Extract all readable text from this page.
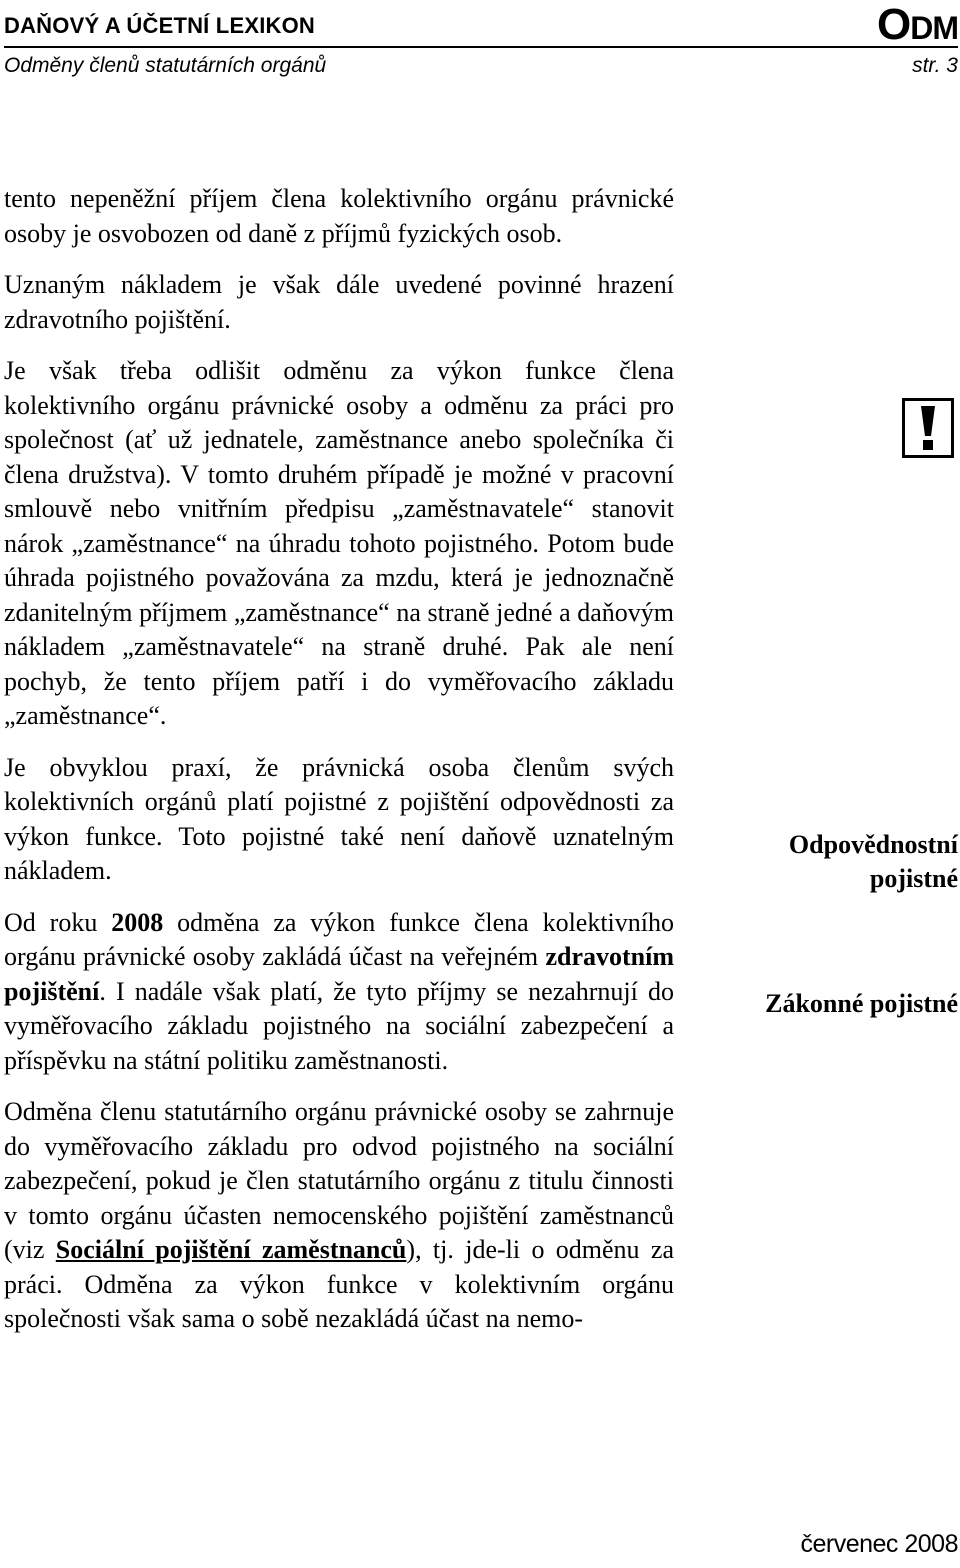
DAŇOVÝ A ÚČETNÍ LEXIKON	ODM
Odměny členů statutárních orgánů	str. 3

tento nepeněžní příjem člena kolektivního orgánu právnické osoby je osvobozen od daně z příjmů fyzických osob.

Uznaným nákladem je však dále uvedené povinné hrazení zdravotního pojištění.

Je však třeba odlišit odměnu za výkon funkce člena kolektivního orgánu právnické osoby a odměnu za práci pro společnost (ať už jednatele, zaměstnance anebo společníka či člena družstva). V tomto druhém případě je možné v pracovní smlouvě nebo vnitřním předpisu „zaměstnavatele“ stanovit nárok „zaměstnance“ na úhradu tohoto pojistného. Potom bude úhrada pojistného považována za mzdu, která je jednoznačně zdanitelným příjmem „zaměstnance“ na straně jedné a daňovým nákladem „zaměstnavatele“ na straně druhé. Pak ale není pochyb, že tento příjem patří i do vyměřovacího základu „zaměstnance“.

Je obvyklou praxí, že právnická osoba členům svých kolektivních orgánů platí pojistné z pojištění odpovědnosti za výkon funkce. Toto pojistné také není daňově uznatelným nákladem.

Od roku 2008 odměna za výkon funkce člena kolektivního orgánu právnické osoby zakládá účast na veřejném zdravotním pojištění. I nadále však platí, že tyto příjmy se nezahrnují do vyměřovacího základu pojistného na sociální zabezpečení a příspěvku na státní politiku zaměstnanosti.

Odměna členu statutárního orgánu právnické osoby se zahrnuje do vyměřovacího základu pro odvod pojistného na sociální zabezpečení, pokud je člen statutárního orgánu z titulu činnosti v tomto orgánu účasten nemocenského pojištění zaměstnanců (viz Sociální pojištění zaměstnanců), tj. jde-li o odměnu za práci. Odměna za výkon funkce v kolektivním orgánu společnosti však sama o sobě nezakládá účast na nemo-

Odpovědnostní
pojistné
Zákonné pojistné
červenec 2008
